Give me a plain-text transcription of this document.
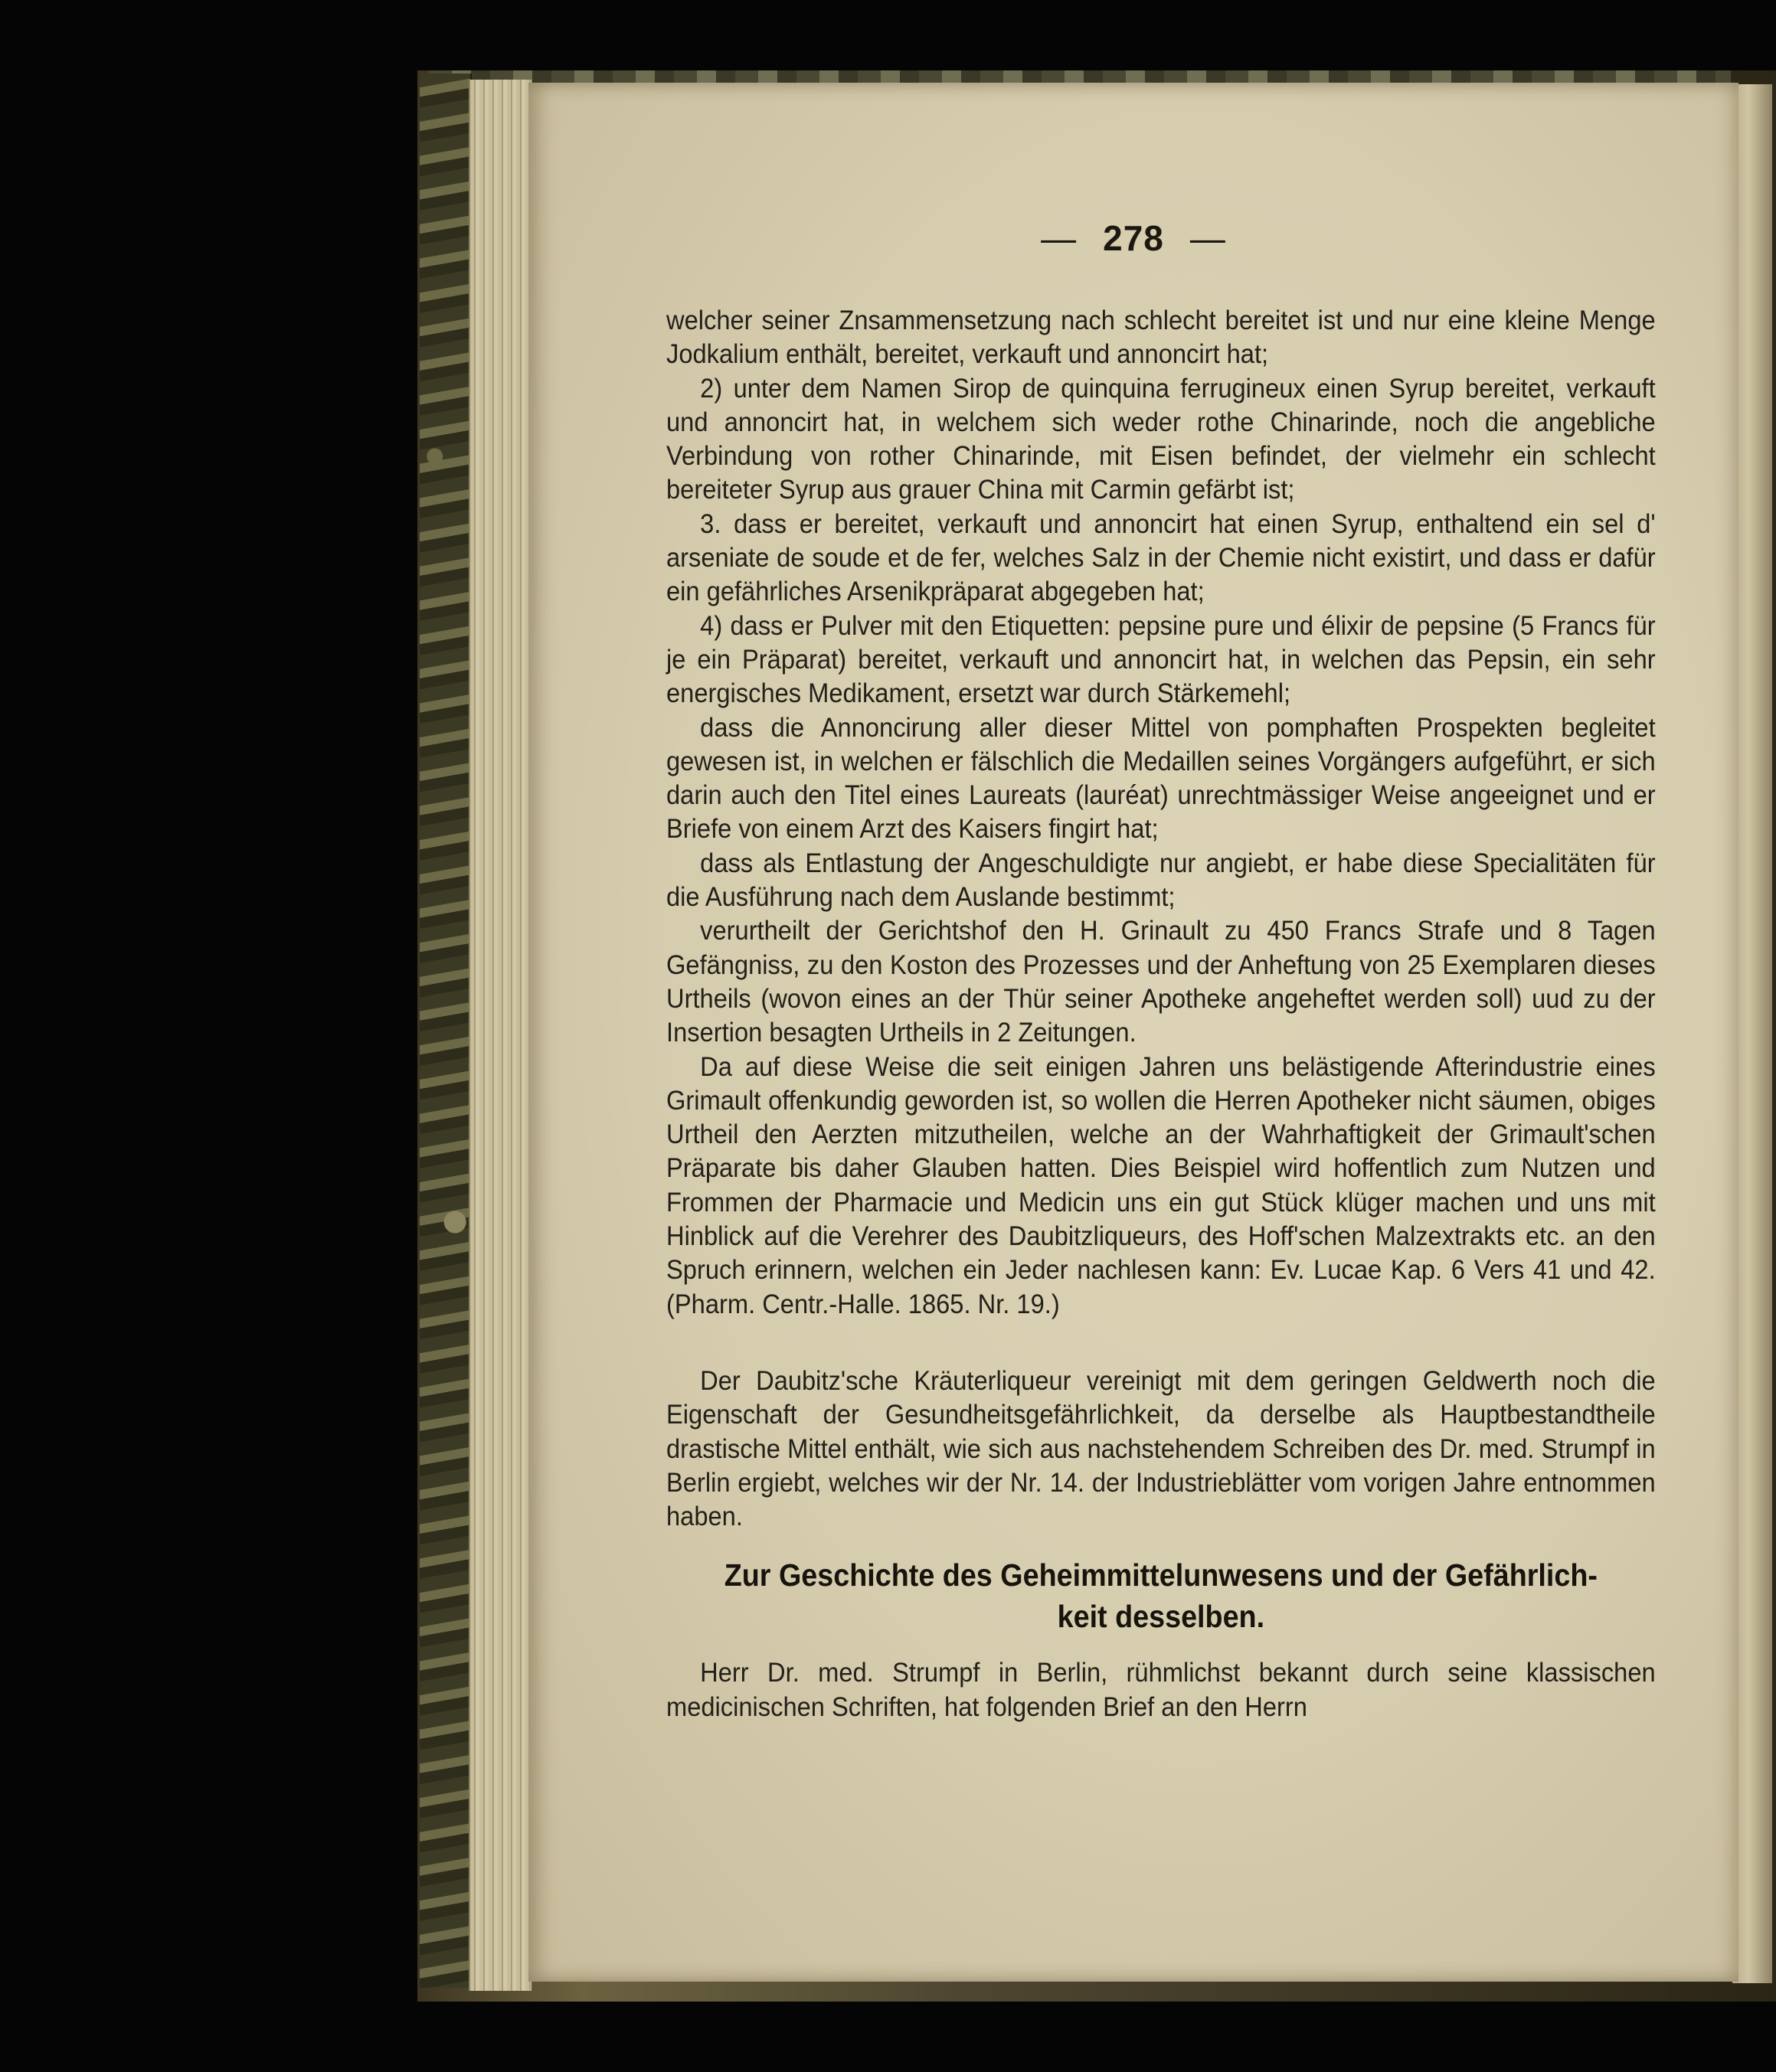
— 278 —

welcher seiner Znsammensetzung nach schlecht bereitet ist und nur eine kleine Menge Jodkalium enthält, bereitet, verkauft und annoncirt hat;

2) unter dem Namen Sirop de quinquina ferrugineux einen Syrup bereitet, verkauft und annoncirt hat, in welchem sich weder rothe Chinarinde, noch die angebliche Verbindung von rother Chinarinde, mit Eisen befindet, der vielmehr ein schlecht bereiteter Syrup aus grauer China mit Carmin gefärbt ist;

3. dass er bereitet, verkauft und annoncirt hat einen Syrup, enthaltend ein sel d' arseniate de soude et de fer, welches Salz in der Chemie nicht existirt, und dass er dafür ein gefährliches Arsenikpräparat abgegeben hat;

4) dass er Pulver mit den Etiquetten: pepsine pure und élixir de pepsine (5 Francs für je ein Präparat) bereitet, verkauft und annoncirt hat, in welchen das Pepsin, ein sehr energisches Medikament, ersetzt war durch Stärkemehl;

dass die Annoncirung aller dieser Mittel von pomphaften Prospekten begleitet gewesen ist, in welchen er fälschlich die Medaillen seines Vorgängers aufgeführt, er sich darin auch den Titel eines Laureats (lauréat) unrechtmässiger Weise angeeignet und er Briefe von einem Arzt des Kaisers fingirt hat;

dass als Entlastung der Angeschuldigte nur angiebt, er habe diese Specialitäten für die Ausführung nach dem Auslande bestimmt;

verurtheilt der Gerichtshof den H. Grinault zu 450 Francs Strafe und 8 Tagen Gefängniss, zu den Koston des Prozesses und der Anheftung von 25 Exemplaren dieses Urtheils (wovon eines an der Thür seiner Apotheke angeheftet werden soll) uud zu der Insertion besagten Urtheils in 2 Zeitungen.

Da auf diese Weise die seit einigen Jahren uns belästigende Afterindustrie eines Grimault offenkundig geworden ist, so wollen die Herren Apotheker nicht säumen, obiges Urtheil den Aerzten mitzutheilen, welche an der Wahrhaftigkeit der Grimault'schen Präparate bis daher Glauben hatten. Dies Beispiel wird hoffentlich zum Nutzen und Frommen der Pharmacie und Medicin uns ein gut Stück klüger machen und uns mit Hinblick auf die Verehrer des Daubitzliqueurs, des Hoff'schen Malzextrakts etc. an den Spruch erinnern, welchen ein Jeder nachlesen kann: Ev. Lucae Kap. 6 Vers 41 und 42. (Pharm. Centr.-Halle. 1865. Nr. 19.)

Der Daubitz'sche Kräuterliqueur vereinigt mit dem geringen Geldwerth noch die Eigenschaft der Gesundheitsgefährlichkeit, da derselbe als Hauptbestandtheile drastische Mittel enthält, wie sich aus nachstehendem Schreiben des Dr. med. Strumpf in Berlin ergiebt, welches wir der Nr. 14. der Industrieblätter vom vorigen Jahre entnommen haben.

Zur Geschichte des Geheimmittelunwesens und der Gefährlich-
keit desselben.

Herr Dr. med. Strumpf in Berlin, rühmlichst bekannt durch seine klassischen medicinischen Schriften, hat folgenden Brief an den Herrn
